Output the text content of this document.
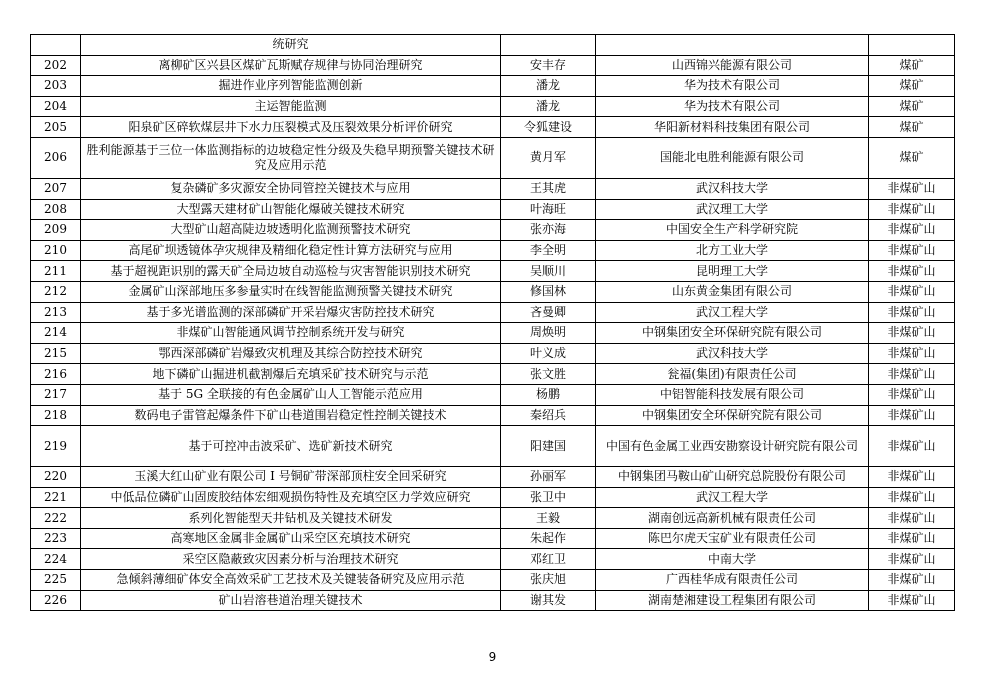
	统研究			
202	离柳矿区兴县区煤矿瓦斯赋存规律与协同治理研究	安丰存	山西锦兴能源有限公司	煤矿
203	掘进作业序列智能监测创新	潘龙	华为技术有限公司	煤矿
204	主运智能监测	潘龙	华为技术有限公司	煤矿
205	阳泉矿区碎软煤层井下水力压裂模式及压裂效果分析评价研究	令狐建设	华阳新材料科技集团有限公司	煤矿
206	胜利能源基于三位一体监测指标的边坡稳定性分级及失稳早期预警关键技术研究及应用示范	黄月军	国能北电胜利能源有限公司	煤矿
207	复杂磷矿多灾源安全协同管控关键技术与应用	王其虎	武汉科技大学	非煤矿山
208	大型露天建材矿山智能化爆破关键技术研究	叶海旺	武汉理工大学	非煤矿山
209	大型矿山超高陡边坡透明化监测预警技术研究	张亦海	中国安全生产科学研究院	非煤矿山
210	高尾矿坝透镜体孕灾规律及精细化稳定性计算方法研究与应用	李全明	北方工业大学	非煤矿山
211	基于超视距识别的露天矿全局边坡自动巡检与灾害智能识别技术研究	吴顺川	昆明理工大学	非煤矿山
212	金属矿山深部地压多参量实时在线智能监测预警关键技术研究	修国林	山东黄金集团有限公司	非煤矿山
213	基于多光谱监测的深部磷矿开采岩爆灾害防控技术研究	吝曼卿	武汉工程大学	非煤矿山
214	非煤矿山智能通风调节控制系统开发与研究	周焕明	中钢集团安全环保研究院有限公司	非煤矿山
215	鄂西深部磷矿岩爆致灾机理及其综合防控技术研究	叶义成	武汉科技大学	非煤矿山
216	地下磷矿山掘进机截割爆后充填采矿技术研究与示范	张文胜	瓮福(集团)有限责任公司	非煤矿山
217	基于 5G 全联接的有色金属矿山人工智能示范应用	杨鹏	中铝智能科技发展有限公司	非煤矿山
218	数码电子雷管起爆条件下矿山巷道围岩稳定性控制关键技术	秦绍兵	中钢集团安全环保研究院有限公司	非煤矿山
219	基于可控冲击波采矿、选矿新技术研究	阳建国	中国有色金属工业西安勘察设计研究院有限公司	非煤矿山
220	玉溪大红山矿业有限公司 I 号铜矿带深部顶柱安全回采研究	孙丽军	中钢集团马鞍山矿山研究总院股份有限公司	非煤矿山
221	中低品位磷矿山固废胶结体宏细观损伤特性及充填空区力学效应研究	张卫中	武汉工程大学	非煤矿山
222	系列化智能型天井钻机及关键技术研发	王毅	湖南创远高新机械有限责任公司	非煤矿山
223	高寒地区金属非金属矿山采空区充填技术研究	朱起作	陈巴尔虎天宝矿业有限责任公司	非煤矿山
224	采空区隐蔽致灾因素分析与治理技术研究	邓红卫	中南大学	非煤矿山
225	急倾斜薄细矿体安全高效采矿工艺技术及关键装备研究及应用示范	张庆旭	广西桂华成有限责任公司	非煤矿山
226	矿山岩溶巷道治理关键技术	谢其发	湖南楚湘建设工程集团有限公司	非煤矿山
9
